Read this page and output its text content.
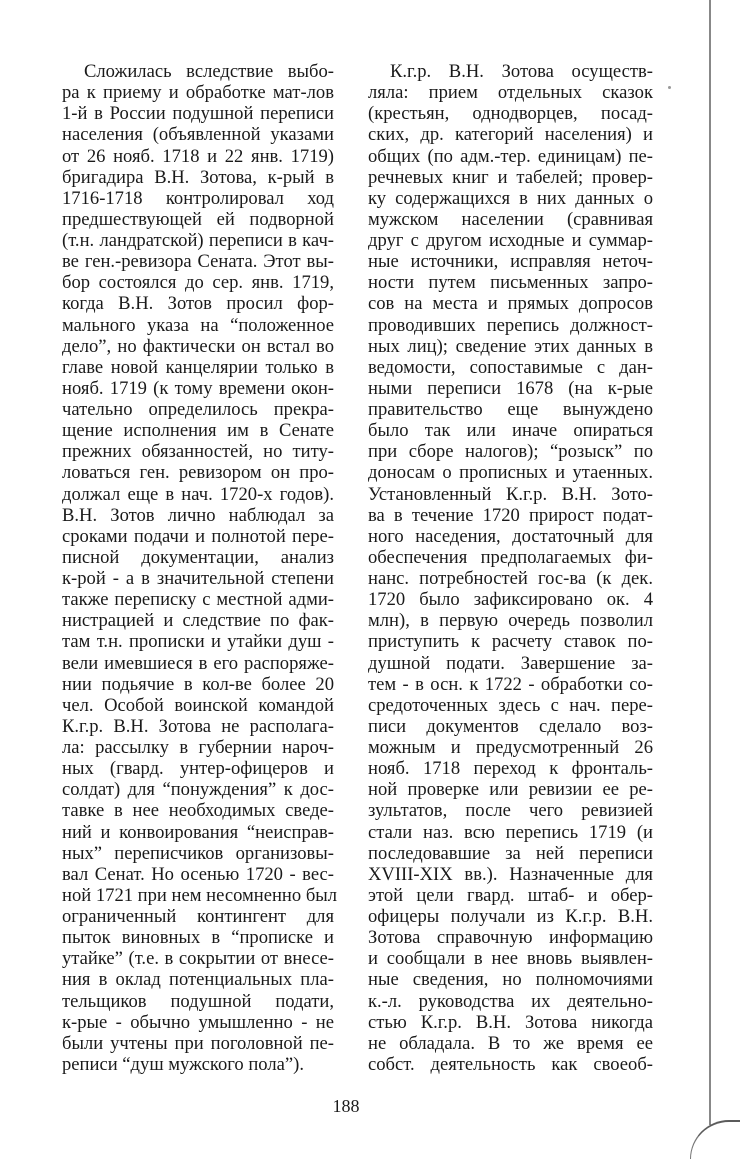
Сложилась вследствие выбо-
ра к приему и обработке мат-лов
1-й в России подушной переписи
населения (объявленной указами
от 26 нояб. 1718 и 22 янв. 1719)
бригадира В.Н. Зотова, к-рый в
1716-1718 контролировал ход
предшествующей ей подворной
(т.н. ландратской) переписи в кач-
ве ген.-ревизора Сената. Этот вы-
бор состоялся до сер. янв. 1719,
когда В.Н. Зотов просил фор-
мального указа на “положенное
дело”, но фактически он встал во
главе новой канцелярии только в
нояб. 1719 (к тому времени окон-
чательно определилось прекра-
щение исполнения им в Сенате
прежних обязанностей, но титу-
ловаться ген. ревизором он про-
должал еще в нач. 1720-х годов).
В.Н. Зотов лично наблюдал за
сроками подачи и полнотой пере-
писной документации, анализ
к-рой - а в значительной степени
также переписку с местной адми-
нистрацией и следствие по фак-
там т.н. прописки и утайки душ -
вели имевшиеся в его распоряже-
нии подьячие в кол-ве более 20
чел. Особой воинской командой
К.г.р. В.Н. Зотова не располага-
ла: рассылку в губернии нароч-
ных (гвард. унтер-офицеров и
солдат) для “понуждения” к дос-
тавке в нее необходимых сведе-
ний и конвоирования “неисправ-
ных” переписчиков организовы-
вал Сенат. Но осенью 1720 - вес-
ной 1721 при нем несомненно был
ограниченный контингент для
пыток виновных в “прописке и
утайке” (т.е. в сокрытии от внесе-
ния в оклад потенциальных пла-
тельщиков подушной подати,
к-рые - обычно умышленно - не
были учтены при поголовной пе-
реписи “душ мужского пола”).
К.г.р. В.Н. Зотова осуществ-
ляла: прием отдельных сказок
(крестьян, однодворцев, посад-
ских, др. категорий населения) и
общих (по адм.-тер. единицам) пе-
речневых книг и табелей; провер-
ку содержащихся в них данных о
мужском населении (сравнивая
друг с другом исходные и суммар-
ные источники, исправляя неточ-
ности путем письменных запро-
сов на места и прямых допросов
проводивших перепись должност-
ных лиц); сведение этих данных в
ведомости, сопоставимые с дан-
ными переписи 1678 (на к-рые
правительство еще вынуждено
было так или иначе опираться
при сборе налогов); “розыск” по
доносам о прописных и утаенных.
Установленный К.г.р. В.Н. Зото-
ва в течение 1720 прирост подат-
ного наседения, достаточный для
обеспечения предполагаемых фи-
нанс. потребностей гос-ва (к дек.
1720 было зафиксировано ок. 4
млн), в первую очередь позволил
приступить к расчету ставок по-
душной подати. Завершение за-
тем - в осн. к 1722 - обработки со-
средоточенных здесь с нач. пере-
писи документов сделало воз-
можным и предусмотренный 26
нояб. 1718 переход к фронталь-
ной проверке или ревизии ее ре-
зультатов, после чего ревизией
стали наз. всю перепись 1719 (и
последовавшие за ней переписи
XVIII-XIX вв.). Назначенные для
этой цели гвард. штаб- и обер-
офицеры получали из К.г.р. В.Н.
Зотова справочную информацию
и сообщали в нее вновь выявлен-
ные сведения, но полномочиями
к.-л. руководства их деятельно-
стью К.г.р. В.Н. Зотова никогда
не обладала. В то же время ее
собст. деятельность как своеоб-
188
